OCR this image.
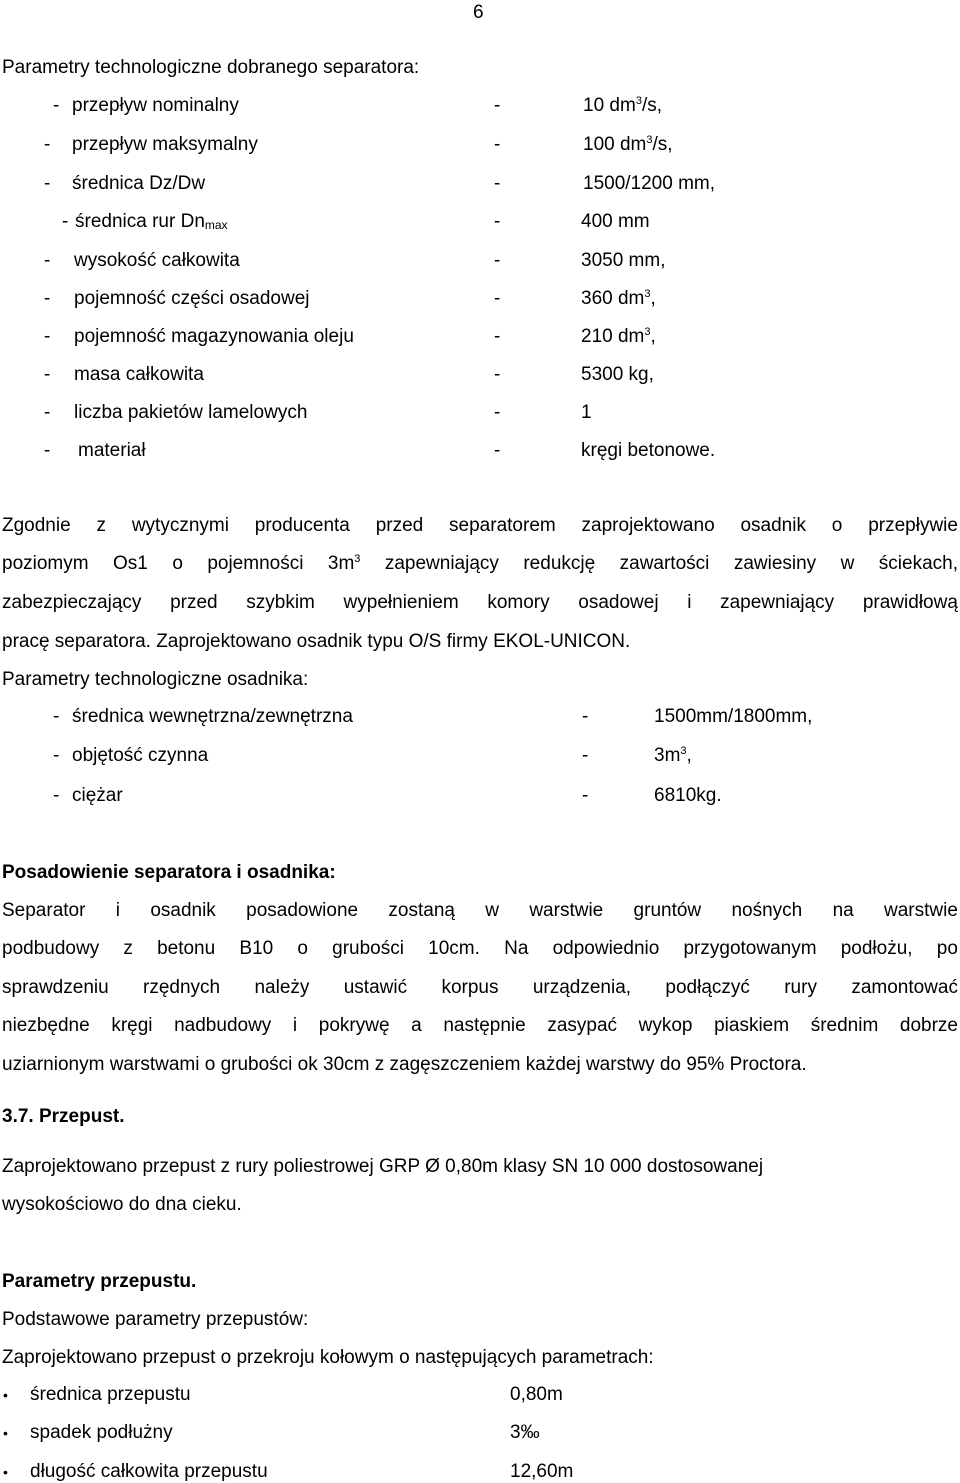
6
Parametry technologiczne dobranego separatora:
- przepływ nominalny	-	10 $dm^3/s$,
- przepływ maksymalny	-	100 $dm^3/s$,
- średnica Dz/Dw	-	1500/1200 mm,
- średnica rur $Dn_{max}$	-	400 mm
- wysokość całkowita	-	3050 mm,
- pojemność części osadowej	-	360 $dm^3$,
- pojemność magazynowania oleju	-	210 $dm^3$,
- masa całkowita	-	5300 kg,
- liczba pakietów lamelowych	-	1
- materiał	-	kręgi betonowe.
Zgodnie z wytycznymi producenta przed separatorem zaprojektowano osadnik o przepływie
poziomym Os1 o pojemności $3m^3$ zapewniający redukcję zawartości zawiesiny w ściekach,
zabezpieczający przed szybkim wypełnieniem komory osadowej i zapewniający prawidłową
pracę separatora. Zaprojektowano osadnik typu O/S firmy EKOL-UNICON.
Parametry technologiczne osadnika:
- średnica wewnętrzna/zewnętrzna	-	1500mm/1800mm,
- objętość czynna	-	$3m^3$,
- ciężar	-	6810kg.
Posadowienie separatora i osadnika:
Separator i osadnik posadowione zostaną w warstwie gruntów nośnych na warstwie
podbudowy z betonu B10 o grubości 10cm. Na odpowiednio przygotowanym podłożu, po
sprawdzeniu rzędnych należy ustawić korpus urządzenia, podłączyć rury zamontować
niezbędne kręgi nadbudowy i pokrywę a następnie zasypać wykop piaskiem średnim dobrze
uziarnionym warstwami o grubości ok 30cm z zagęszczeniem każdej warstwy do 95% Proctora.
3.7. Przepust.
Zaprojektowano przepust z rury poliestrowej GRP Ø 0,80m klasy SN 10 000 dostosowanej
wysokościowo do dna cieku.
Parametry przepustu.
Podstawowe parametry przepustów:
Zaprojektowano przepust o przekroju kołowym o następujących parametrach:
• średnica przepustu	0,80m
• spadek podłużny	3‰
• długość całkowita przepustu	12,60m
